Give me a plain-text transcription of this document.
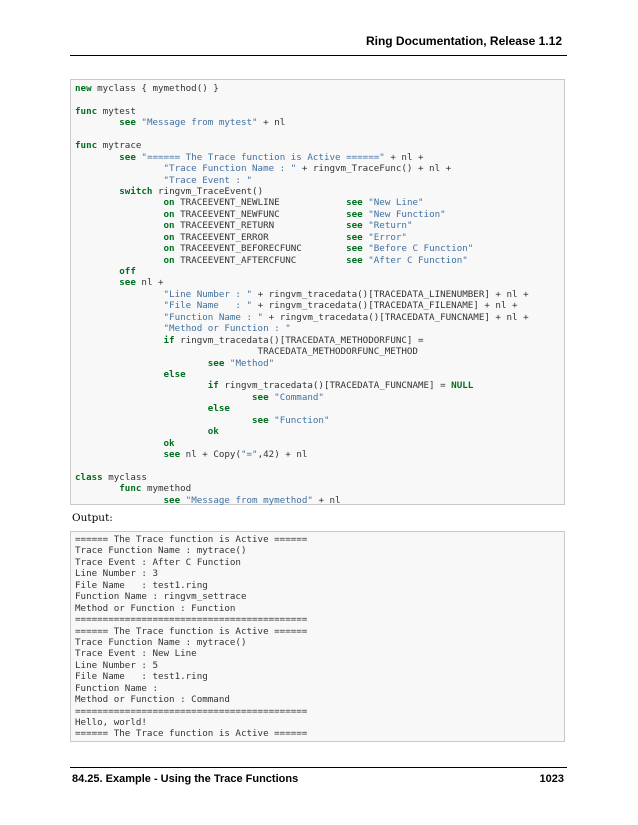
Ring Documentation, Release 1.12
new myclass { mymethod() }
func mytest
see "Message from mytest" + nl
func mytrace
see "====== The Trace function is Active ======" + nl +
"Trace Function Name : " + ringvm_TraceFunc() + nl +
"Trace Event : "
switch ringvm_TraceEvent()
on TRACEEVENT_NEWLINE            see "New Line"
on TRACEEVENT_NEWFUNC            see "New Function"
on TRACEEVENT_RETURN             see "Return"
on TRACEEVENT_ERROR              see "Error"
on TRACEEVENT_BEFORECFUNC        see "Before C Function"
on TRACEEVENT_AFTERCFUNC         see "After C Function"
off
see nl +
"Line Number : " + ringvm_tracedata()[TRACEDATA_LINENUMBER] + nl +
"File Name   : " + ringvm_tracedata()[TRACEDATA_FILENAME] + nl +
"Function Name : " + ringvm_tracedata()[TRACEDATA_FUNCNAME] + nl +
"Method or Function : "
if ringvm_tracedata()[TRACEDATA_METHODORFUNC] =
TRACEDATA_METHODORFUNC_METHOD
see "Method"
else
if ringvm_tracedata()[TRACEDATA_FUNCNAME] = NULL
see "Command"
else
see "Function"
ok
ok
see nl + Copy("=",42) + nl
class myclass
func mymethod
see "Message from mymethod" + nl
Output:
====== The Trace function is Active ======
Trace Function Name : mytrace()
Trace Event : After C Function
Line Number : 3
File Name   : test1.ring
Function Name : ringvm_settrace
Method or Function : Function
==========================================
====== The Trace function is Active ======
Trace Function Name : mytrace()
Trace Event : New Line
Line Number : 5
File Name   : test1.ring
Function Name :
Method or Function : Command
==========================================
Hello, world!
====== The Trace function is Active ======
84.25. Example - Using the Trace Functions	1023
